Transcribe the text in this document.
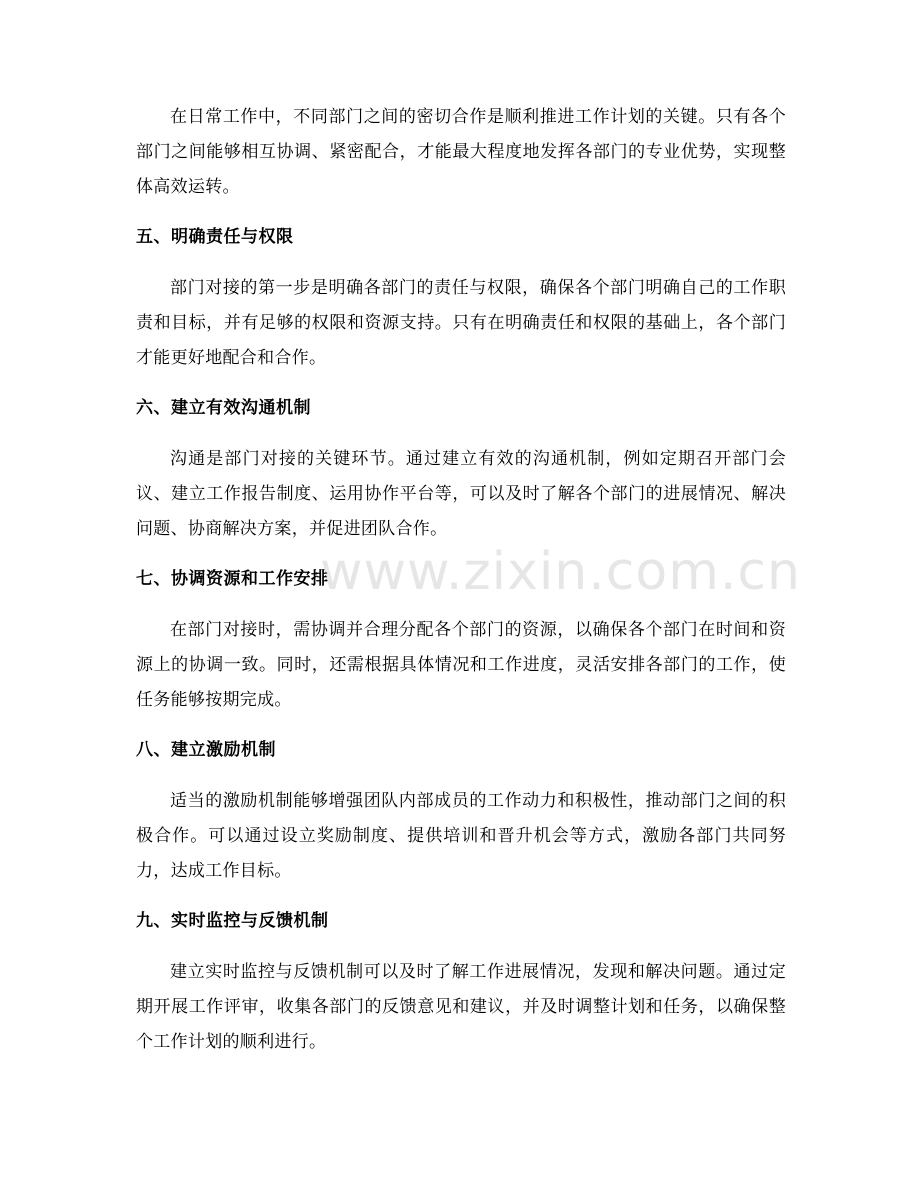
在日常工作中，不同部门之间的密切合作是顺利推进工作计划的关键。只有各个部门之间能够相互协调、紧密配合，才能最大程度地发挥各部门的专业优势，实现整体高效运转。

五、明确责任与权限

部门对接的第一步是明确各部门的责任与权限，确保各个部门明确自己的工作职责和目标，并有足够的权限和资源支持。只有在明确责任和权限的基础上，各个部门才能更好地配合和合作。

六、建立有效沟通机制

沟通是部门对接的关键环节。通过建立有效的沟通机制，例如定期召开部门会议、建立工作报告制度、运用协作平台等，可以及时了解各个部门的进展情况、解决问题、协商解决方案，并促进团队合作。

七、协调资源和工作安排

在部门对接时，需协调并合理分配各个部门的资源，以确保各个部门在时间和资源上的协调一致。同时，还需根据具体情况和工作进度，灵活安排各部门的工作，使任务能够按期完成。

八、建立激励机制

适当的激励机制能够增强团队内部成员的工作动力和积极性，推动部门之间的积极合作。可以通过设立奖励制度、提供培训和晋升机会等方式，激励各部门共同努力，达成工作目标。

九、实时监控与反馈机制

建立实时监控与反馈机制可以及时了解工作进展情况，发现和解决问题。通过定期开展工作评审，收集各部门的反馈意见和建议，并及时调整计划和任务，以确保整个工作计划的顺利进行。

www.zixin.com.cn
